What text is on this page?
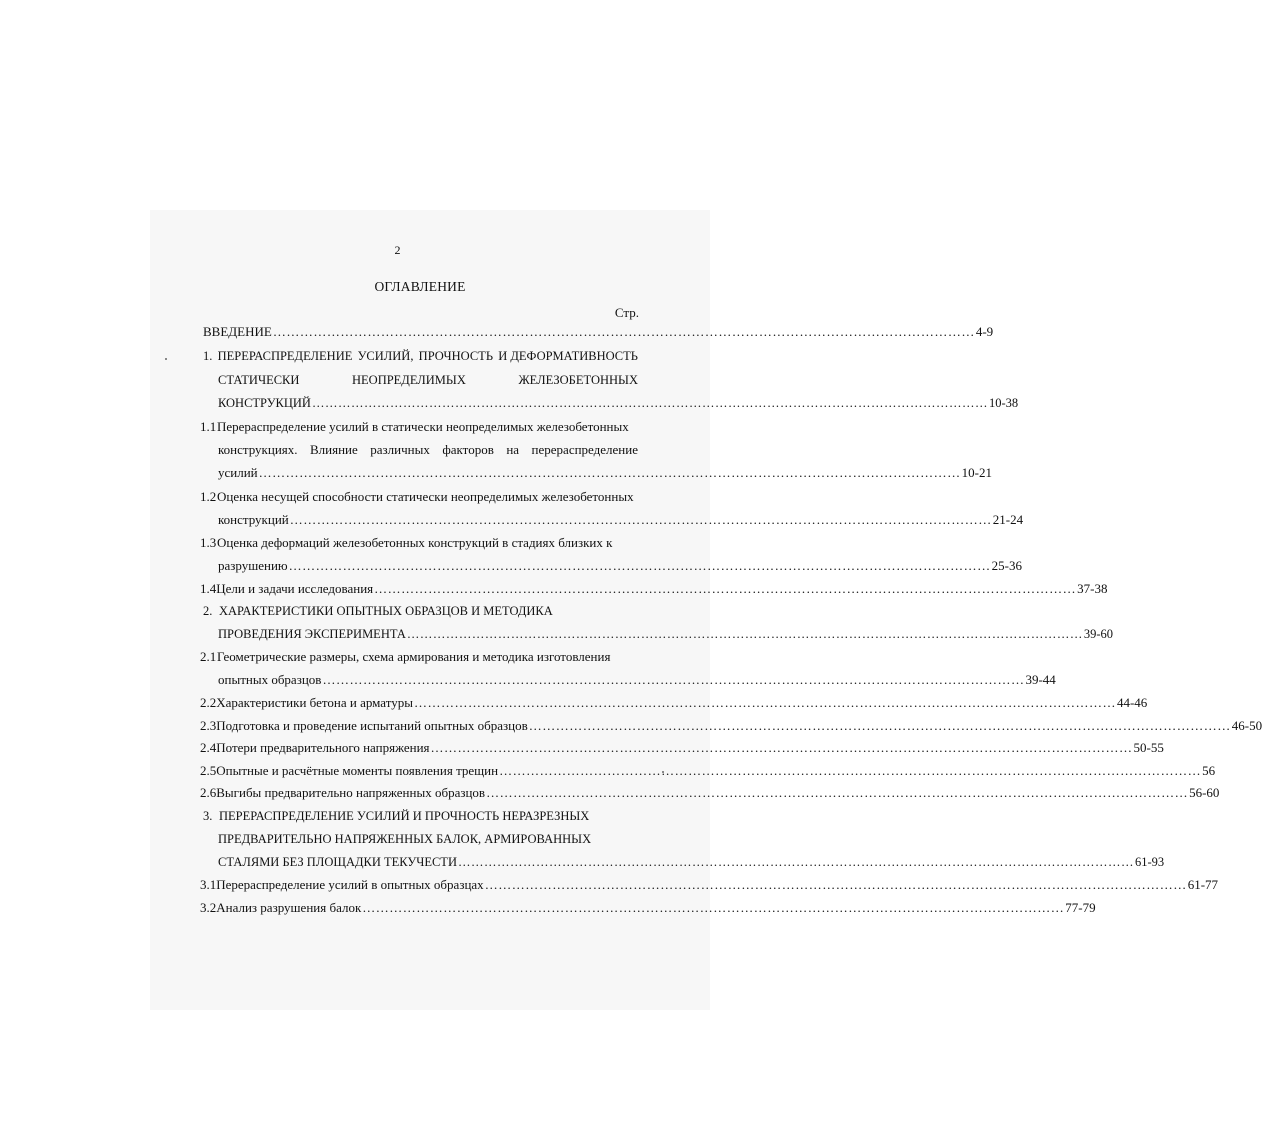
2
ОГЛАВЛЕНИЕ
Стр.
ВВЕДЕНИЕ ………………………………………………………………………………………………………………………………………… 4-9
1. ПЕРЕРАСПРЕДЕЛЕНИЕ УСИЛИЙ, ПРОЧНОСТЬ И ДЕФОРМАТИВНОСТЬ
СТАТИЧЕСКИ	НЕОПРЕДЕЛИМЫХ	ЖЕЛЕЗОБЕТОННЫХ
КОНСТРУКЦИЙ ………………………………………………………………………………………………………………………………………… 10-38
1.1 Перераспределение усилий в статически неопределимых железобетонных
конструкциях. Влияние различных факторов на перераспределение
усилий ………………………………………………………………………………………………………………………………………… 10-21
1.2 Оценка несущей способности статически неопределимых железобетонных
конструкций ………………………………………………………………………………………………………………………………………… 21-24
1.3 Оценка деформаций железобетонных конструкций в стадиях близких к
разрушению ………………………………………………………………………………………………………………………………………… 25-36
1.4 Цели и задачи исследования ………………………………………………………………………………………………………………………………………… 37-38
2. ХАРАКТЕРИСТИКИ ОПЫТНЫХ ОБРАЗЦОВ И МЕТОДИКА
ПРОВЕДЕНИЯ ЭКСПЕРИМЕНТА ………………………………………………………………………………………………………………………………………… 39-60
2.1 Геометрические размеры, схема армирования и методика изготовления
опытных образцов ………………………………………………………………………………………………………………………………………… 39-44
2.2 Характеристики бетона и арматуры ………………………………………………………………………………………………………………………………………… 44-46
2.3 Подготовка и проведение испытаний опытных образцов ………………………………………………………………………………………………………………………………………… 46-50
2.4 Потери предварительного напряжения ………………………………………………………………………………………………………………………………………… 50-55
2.5 Опытные и расчётные моменты появления трещин ………………………………………………………………………………………………………………………………………… 56
2.6 Выгибы предварительно напряженных образцов ………………………………………………………………………………………………………………………………………… 56-60
3. ПЕРЕРАСПРЕДЕЛЕНИЕ УСИЛИЙ И ПРОЧНОСТЬ НЕРАЗРЕЗНЫХ
ПРЕДВАРИТЕЛЬНО НАПРЯЖЕННЫХ БАЛОК, АРМИРОВАННЫХ
СТАЛЯМИ БЕЗ ПЛОЩАДКИ ТЕКУЧЕСТИ ………………………………………………………………………………………………………………………………………… 61-93
3.1 Перераспределение усилий в опытных образцах ………………………………………………………………………………………………………………………………………… 61-77
3.2 Анализ разрушения балок ………………………………………………………………………………………………………………………………………… 77-79
